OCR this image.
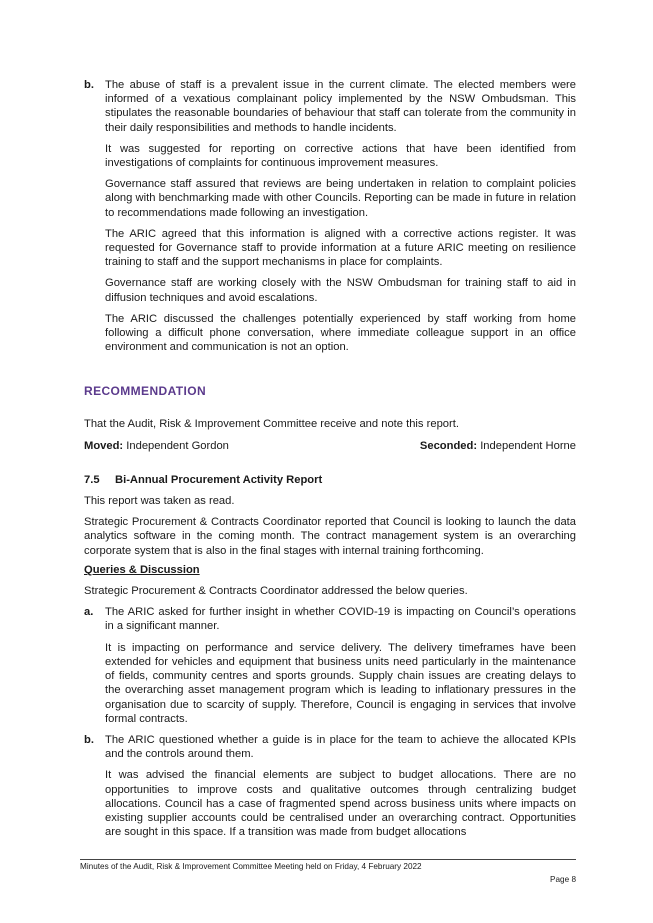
b. The abuse of staff is a prevalent issue in the current climate. The elected members were informed of a vexatious complainant policy implemented by the NSW Ombudsman. This stipulates the reasonable boundaries of behaviour that staff can tolerate from the community in their daily responsibilities and methods to handle incidents.

It was suggested for reporting on corrective actions that have been identified from investigations of complaints for continuous improvement measures.

Governance staff assured that reviews are being undertaken in relation to complaint policies along with benchmarking made with other Councils. Reporting can be made in future in relation to recommendations made following an investigation.

The ARIC agreed that this information is aligned with a corrective actions register. It was requested for Governance staff to provide information at a future ARIC meeting on resilience training to staff and the support mechanisms in place for complaints.

Governance staff are working closely with the NSW Ombudsman for training staff to aid in diffusion techniques and avoid escalations.

The ARIC discussed the challenges potentially experienced by staff working from home following a difficult phone conversation, where immediate colleague support in an office environment and communication is not an option.

RECOMMENDATION

That the Audit, Risk & Improvement Committee receive and note this report.

Moved: Independent Gordon	Seconded: Independent Horne
7.5	Bi-Annual Procurement Activity Report

This report was taken as read.

Strategic Procurement & Contracts Coordinator reported that Council is looking to launch the data analytics software in the coming month. The contract management system is an overarching corporate system that is also in the final stages with internal training forthcoming.

Queries & Discussion

Strategic Procurement & Contracts Coordinator addressed the below queries.

a. The ARIC asked for further insight in whether COVID-19 is impacting on Council’s operations in a significant manner.

It is impacting on performance and service delivery. The delivery timeframes have been extended for vehicles and equipment that business units need particularly in the maintenance of fields, community centres and sports grounds. Supply chain issues are creating delays to the overarching asset management program which is leading to inflationary pressures in the organisation due to scarcity of supply. Therefore, Council is engaging in services that involve formal contracts.

b. The ARIC questioned whether a guide is in place for the team to achieve the allocated KPIs and the controls around them.

It was advised the financial elements are subject to budget allocations. There are no opportunities to improve costs and qualitative outcomes through centralizing budget allocations. Council has a case of fragmented spend across business units where impacts on existing supplier accounts could be centralised under an overarching contract. Opportunities are sought in this space. If a transition was made from budget allocations

Minutes of the Audit, Risk & Improvement Committee Meeting held on Friday, 4 February 2022
Page 8
